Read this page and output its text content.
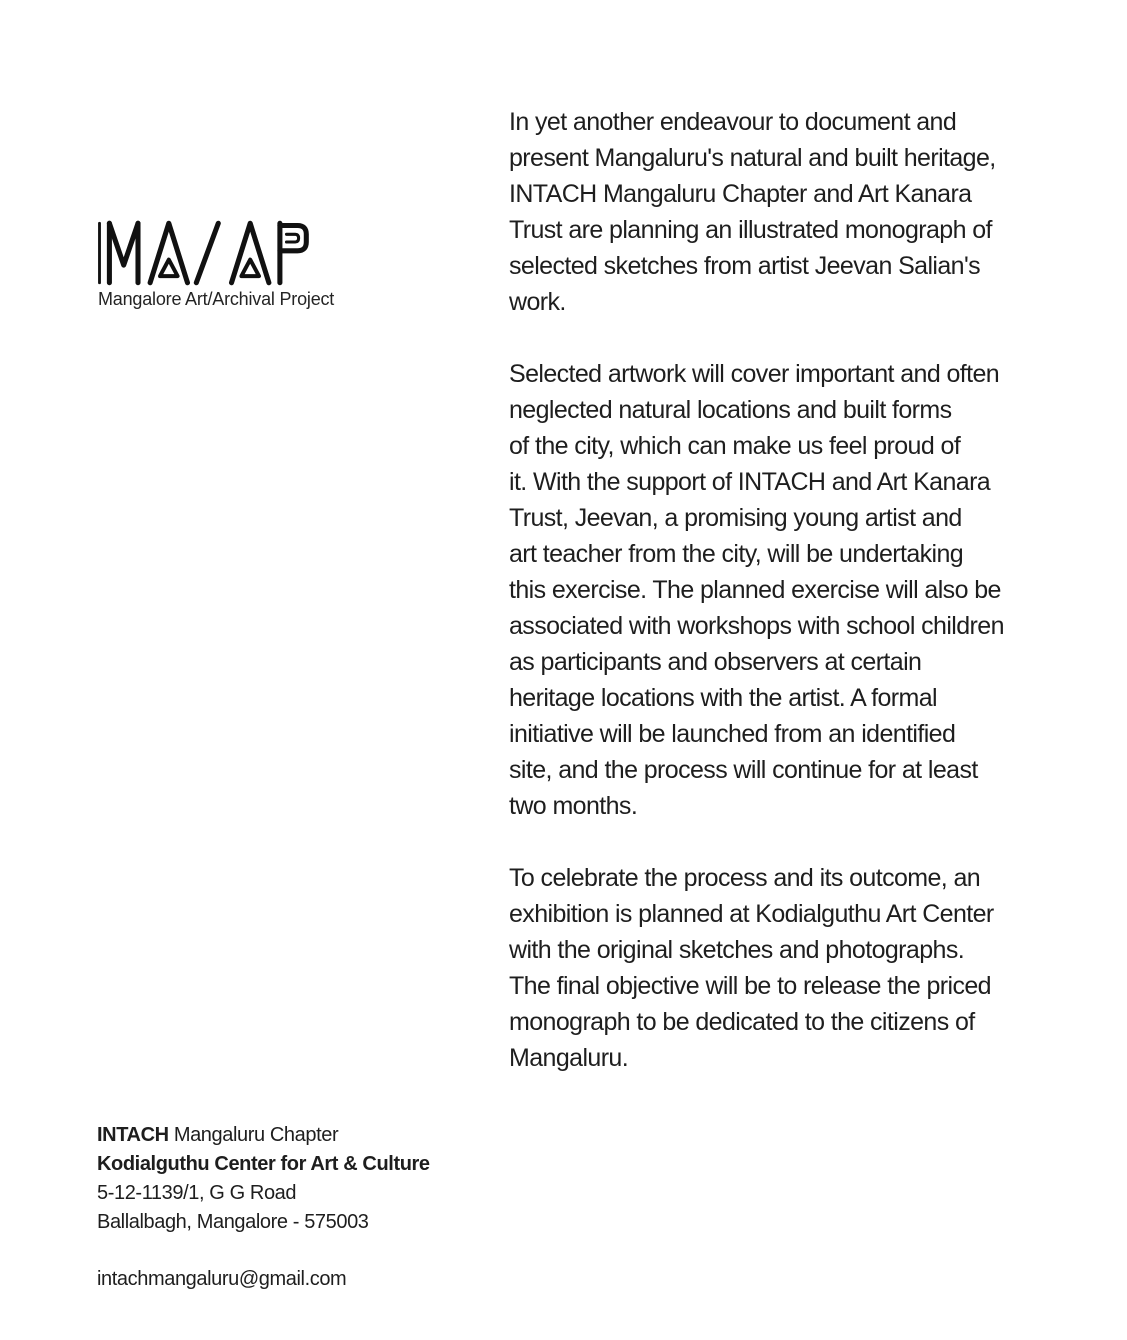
Mangalore Art/Archival Project

In yet another endeavour to document and
present Mangaluru's natural and built heritage,
INTACH Mangaluru Chapter and Art Kanara
Trust are planning an illustrated monograph of
selected sketches from artist Jeevan Salian's
work.

Selected artwork will cover important and often
neglected natural locations and built forms
of the city, which can make us feel proud of
it. With the support of INTACH and Art Kanara
Trust, Jeevan, a promising young artist and
art teacher from the city, will be undertaking
this exercise. The planned exercise will also be
associated with workshops with school children
as participants and observers at certain
heritage locations with the artist. A formal
initiative will be launched from an identified
site, and the process will continue for at least
two months.

To celebrate the process and its outcome, an
exhibition is planned at Kodialguthu Art Center
with the original sketches and photographs.
The final objective will be to release the priced
monograph to be dedicated to the citizens of
Mangaluru.

INTACH Mangaluru Chapter
Kodialguthu Center for Art & Culture
5-12-1139/1, G G Road
Ballalbagh, Mangalore - 575003

intachmangaluru@gmail.com
